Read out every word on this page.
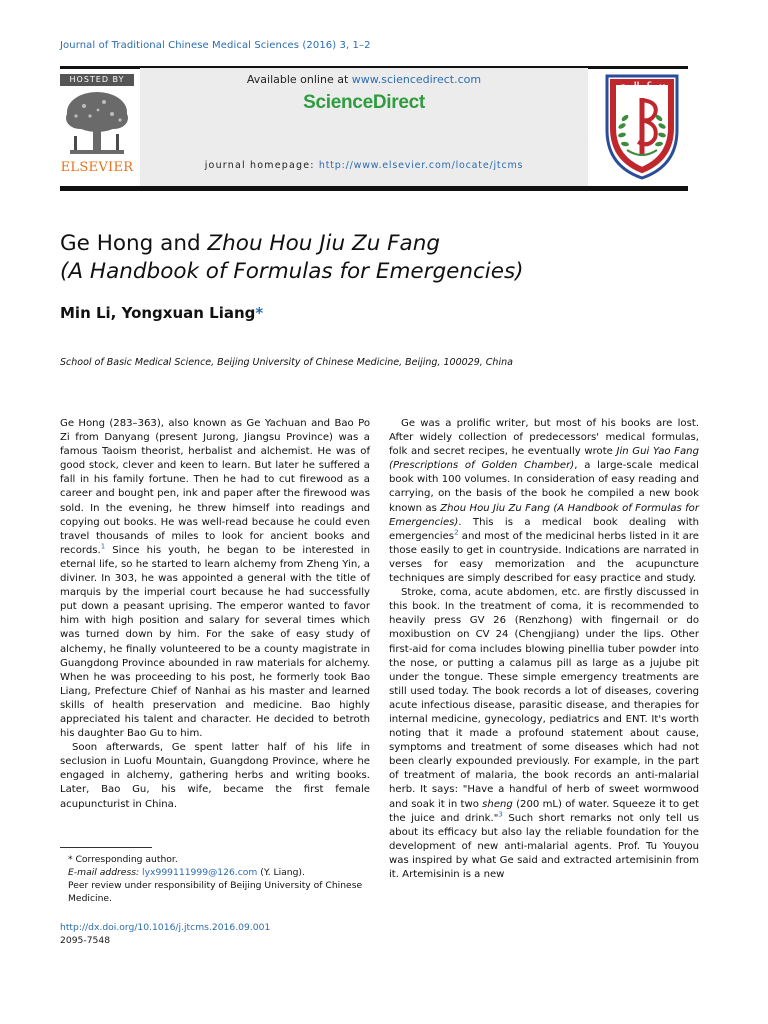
Journal of Traditional Chinese Medical Sciences (2016) 3, 1–2
HOSTED BY
ELSEVIER
Available online at www.sciencedirect.com
ScienceDirect
journal homepage: http://www.elsevier.com/locate/jtcms
B U C M
Ge Hong and Zhou Hou Jiu Zu Fang
(A Handbook of Formulas for Emergencies)
Min Li, Yongxuan Liang*
School of Basic Medical Science, Beijing University of Chinese Medicine, Beijing, 100029, China

Ge Hong (283–363), also known as Ge Yachuan and Bao Po Zi from Danyang (present Jurong, Jiangsu Province) was a famous Taoism theorist, herbalist and alchemist. He was of good stock, clever and keen to learn. But later he suffered a fall in his family fortune. Then he had to cut firewood as a career and bought pen, ink and paper after the firewood was sold. In the evening, he threw himself into readings and copying out books. He was well-read because he could even travel thousands of miles to look for ancient books and records.$^1$ Since his youth, he began to be interested in eternal life, so he started to learn alchemy from Zheng Yin, a diviner. In 303, he was appointed a general with the title of marquis by the imperial court because he had successfully put down a peasant uprising. The emperor wanted to favor him with high position and salary for several times which was turned down by him. For the sake of easy study of alchemy, he finally volunteered to be a county magistrate in Guangdong Province abounded in raw materials for alchemy. When he was proceeding to his post, he formerly took Bao Liang, Prefecture Chief of Nanhai as his master and learned skills of health preservation and medicine. Bao highly appreciated his talent and character. He decided to betroth his daughter Bao Gu to him.

Soon afterwards, Ge spent latter half of his life in seclusion in Luofu Mountain, Guangdong Province, where he engaged in alchemy, gathering herbs and writing books. Later, Bao Gu, his wife, became the first female acupuncturist in China.

Ge was a prolific writer, but most of his books are lost. After widely collection of predecessors' medical formulas, folk and secret recipes, he eventually wrote Jin Gui Yao Fang (Prescriptions of Golden Chamber), a large-scale medical book with 100 volumes. In consideration of easy reading and carrying, on the basis of the book he compiled a new book known as Zhou Hou Jiu Zu Fang (A Handbook of Formulas for Emergencies). This is a medical book dealing with emergencies$^2$ and most of the medicinal herbs listed in it are those easily to get in countryside. Indications are narrated in verses for easy memorization and the acupuncture techniques are simply described for easy practice and study.

Stroke, coma, acute abdomen, etc. are firstly discussed in this book. In the treatment of coma, it is recommended to heavily press GV 26 (Renzhong) with fingernail or do moxibustion on CV 24 (Chengjiang) under the lips. Other first-aid for coma includes blowing pinellia tuber powder into the nose, or putting a calamus pill as large as a jujube pit under the tongue. These simple emergency treatments are still used today. The book records a lot of diseases, covering acute infectious disease, parasitic disease, and therapies for internal medicine, gynecology, pediatrics and ENT. It's worth noting that it made a profound statement about cause, symptoms and treatment of some diseases which had not been clearly expounded previously. For example, in the part of treatment of malaria, the book records an anti-malarial herb. It says: "Have a handful of herb of sweet wormwood and soak it in two sheng (200 mL) of water. Squeeze it to get the juice and drink."$^3$ Such short remarks not only tell us about its efficacy but also lay the reliable foundation for the development of new anti-malarial agents. Prof. Tu Youyou was inspired by what Ge said and extracted artemisinin from it. Artemisinin is a new

* Corresponding author.

E-mail address: lyx999111999@126.com (Y. Liang).

Peer review under responsibility of Beijing University of Chinese Medicine.

http://dx.doi.org/10.1016/j.jtcms.2016.09.001
2095-7548
